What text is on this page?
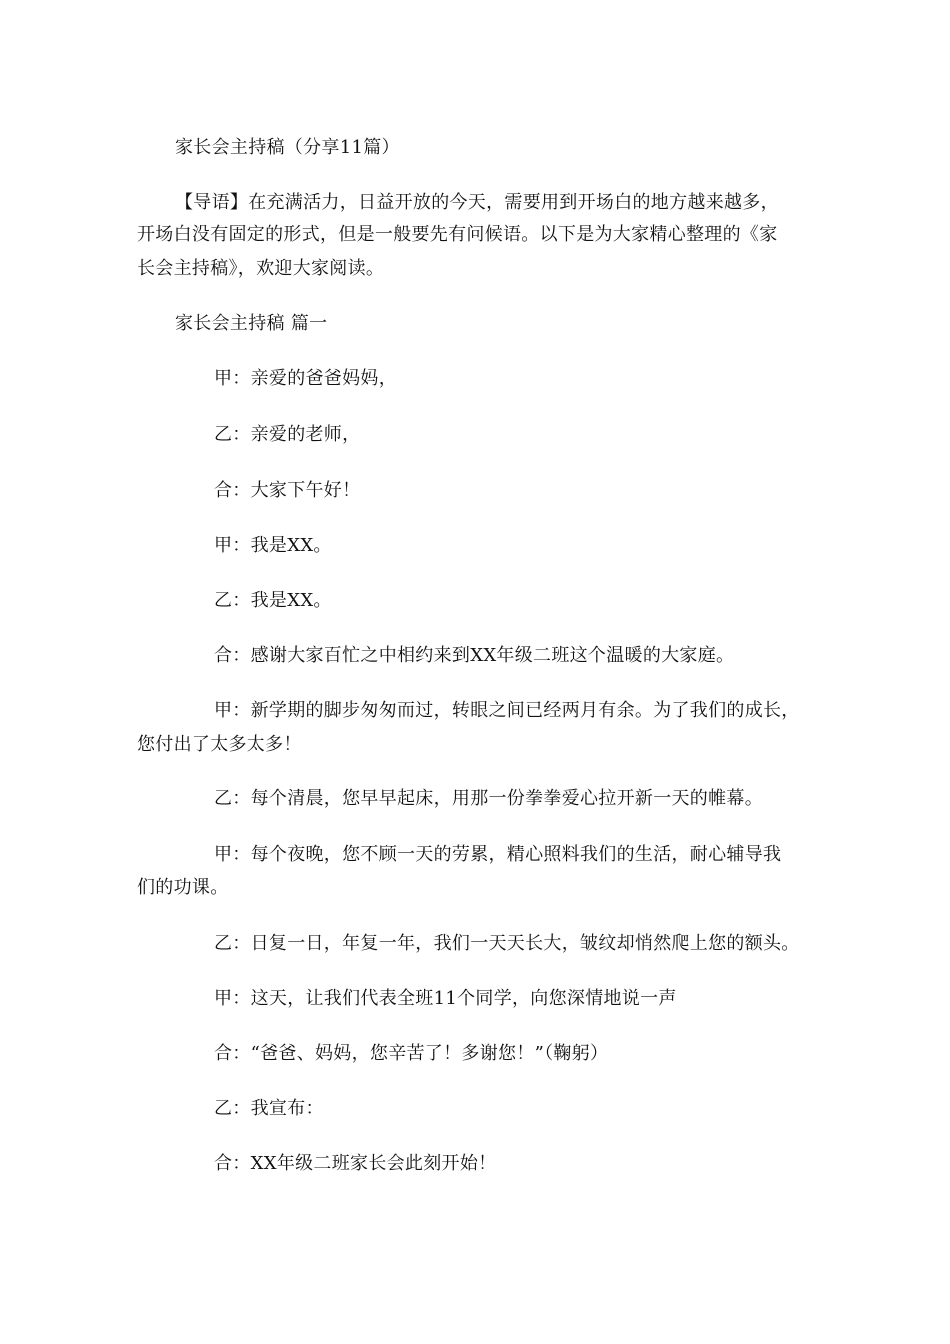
家长会主持稿（分享11篇）
【导语】在充满活力，日益开放的今天，需要用到开场白的地方越来越多，
开场白没有固定的形式，但是一般要先有问候语。以下是为大家精心整理的《家
长会主持稿》，欢迎大家阅读。
家长会主持稿 篇一
甲：亲爱的爸爸妈妈，
乙：亲爱的老师，
合：大家下午好！
甲：我是XX。
乙：我是XX。
合：感谢大家百忙之中相约来到XX年级二班这个温暖的大家庭。
甲：新学期的脚步匆匆而过，转眼之间已经两月有余。为了我们的成长，
您付出了太多太多！
乙：每个清晨，您早早起床，用那一份拳拳爱心拉开新一天的帷幕。
甲：每个夜晚，您不顾一天的劳累，精心照料我们的生活，耐心辅导我
们的功课。
乙：日复一日，年复一年，我们一天天长大，皱纹却悄然爬上您的额头。
甲：这天，让我们代表全班11个同学，向您深情地说一声
合：“爸爸、妈妈，您辛苦了！多谢您！”（鞠躬）
乙：我宣布：
合：XX年级二班家长会此刻开始！
